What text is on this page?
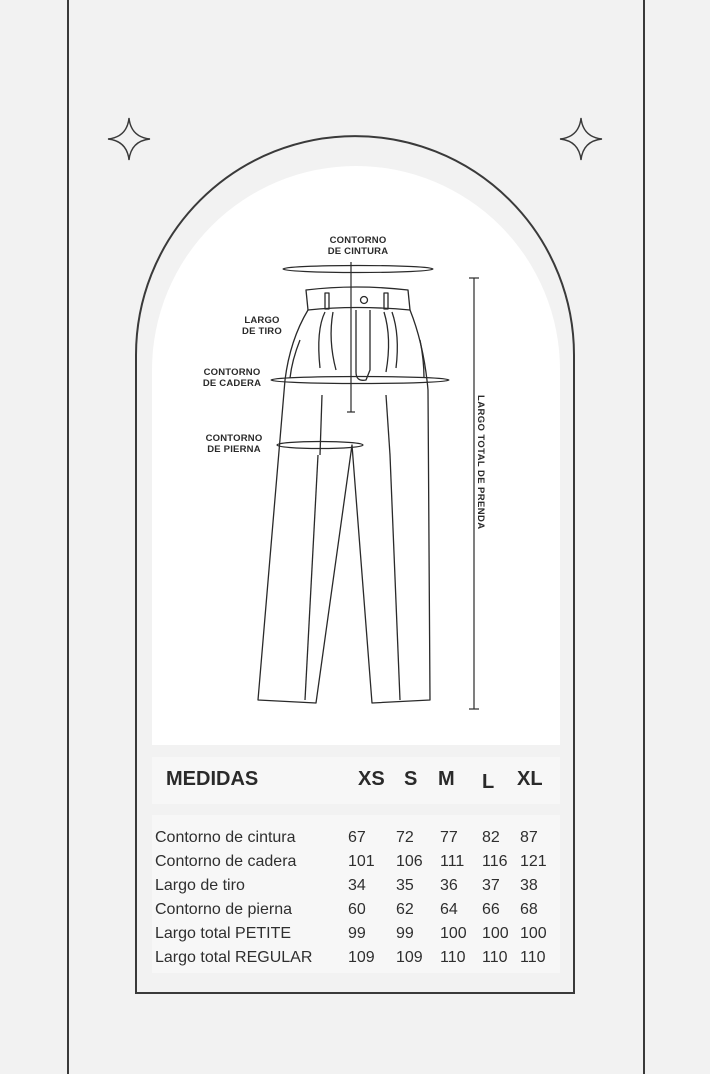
CONTORNO
DE CINTURA
LARGO
DE TIRO
CONTORNO
DE CADERA
CONTORNO
DE PIERNA	LARGO TOTAL DE PRENDA
MEDIDAS	XS S M L XL
Contorno de cintura	67 72 77 82 87
Contorno de cadera	101 106 111 116 121
Largo de tiro	34 35 36 37 38
Contorno de pierna	60 62 64 66 68
Largo total PETITE	99 99 100 100 100
Largo total REGULAR 109 109 110 110 110
